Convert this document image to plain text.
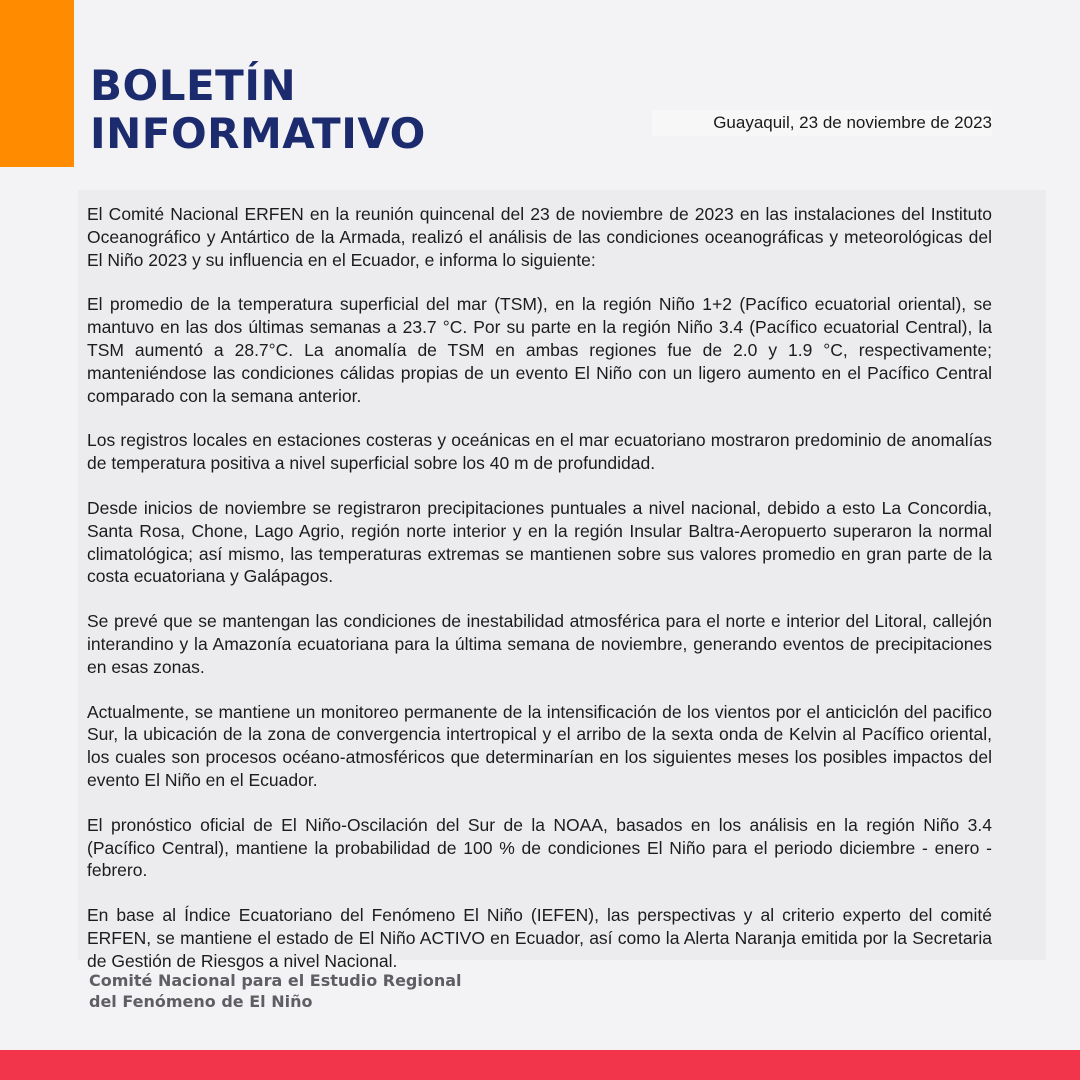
BOLETÍN
INFORMATIVO	Guayaquil, 23 de noviembre de 2023

El Comité Nacional ERFEN en la reunión quincenal del 23 de noviembre de 2023 en las instalaciones del Instituto Oceanográfico y Antártico de la Armada, realizó el análisis de las condiciones oceanográficas y meteorológicas del El Niño 2023 y su influencia en el Ecuador, e informa lo siguiente:

El promedio de la temperatura superficial del mar (TSM), en la región Niño 1+2 (Pacífico ecuatorial oriental), se mantuvo en las dos últimas semanas a 23.7 °C. Por su parte en la región Niño 3.4 (Pacífico ecuatorial Central), la TSM aumentó a 28.7°C. La anomalía de TSM en ambas regiones fue de 2.0 y 1.9 °C, respectivamente; manteniéndose las condiciones cálidas propias de un evento El Niño con un ligero aumento en el Pacífico Central comparado con la semana anterior.

Los registros locales en estaciones costeras y oceánicas en el mar ecuatoriano mostraron predominio de anomalías de temperatura positiva a nivel superficial sobre los 40 m de profundidad.

Desde inicios de noviembre se registraron precipitaciones puntuales a nivel nacional, debido a esto La Concordia, Santa Rosa, Chone, Lago Agrio, región norte interior y en la región Insular Baltra-Aeropuerto superaron la normal climatológica; así mismo, las temperaturas extremas se mantienen sobre sus valores promedio en gran parte de la costa ecuatoriana y Galápagos.

Se prevé que se mantengan las condiciones de inestabilidad atmosférica para el norte e interior del Litoral, callejón interandino y la Amazonía ecuatoriana para la última semana de noviembre, generando eventos de precipitaciones en esas zonas.

Actualmente, se mantiene un monitoreo permanente de la intensificación de los vientos por el anticiclón del pacifico Sur, la ubicación de la zona de convergencia intertropical y el arribo de la sexta onda de Kelvin al Pacífico oriental, los cuales son procesos océano-atmosféricos que determinarían en los siguientes meses los posibles impactos del evento El Niño en el Ecuador.

El pronóstico oficial de El Niño-Oscilación del Sur de la NOAA, basados en los análisis en la región Niño 3.4 (Pacífico Central), mantiene la probabilidad de 100 % de condiciones El Niño para el periodo diciembre - enero - febrero.

En base al Índice Ecuatoriano del Fenómeno El Niño (IEFEN), las perspectivas y al criterio experto del comité ERFEN, se mantiene el estado de El Niño ACTIVO en Ecuador, así como la Alerta Naranja emitida por la Secretaria de Gestión de Riesgos a nivel Nacional.

Comité Nacional para el Estudio Regional
del Fenómeno de El Niño
